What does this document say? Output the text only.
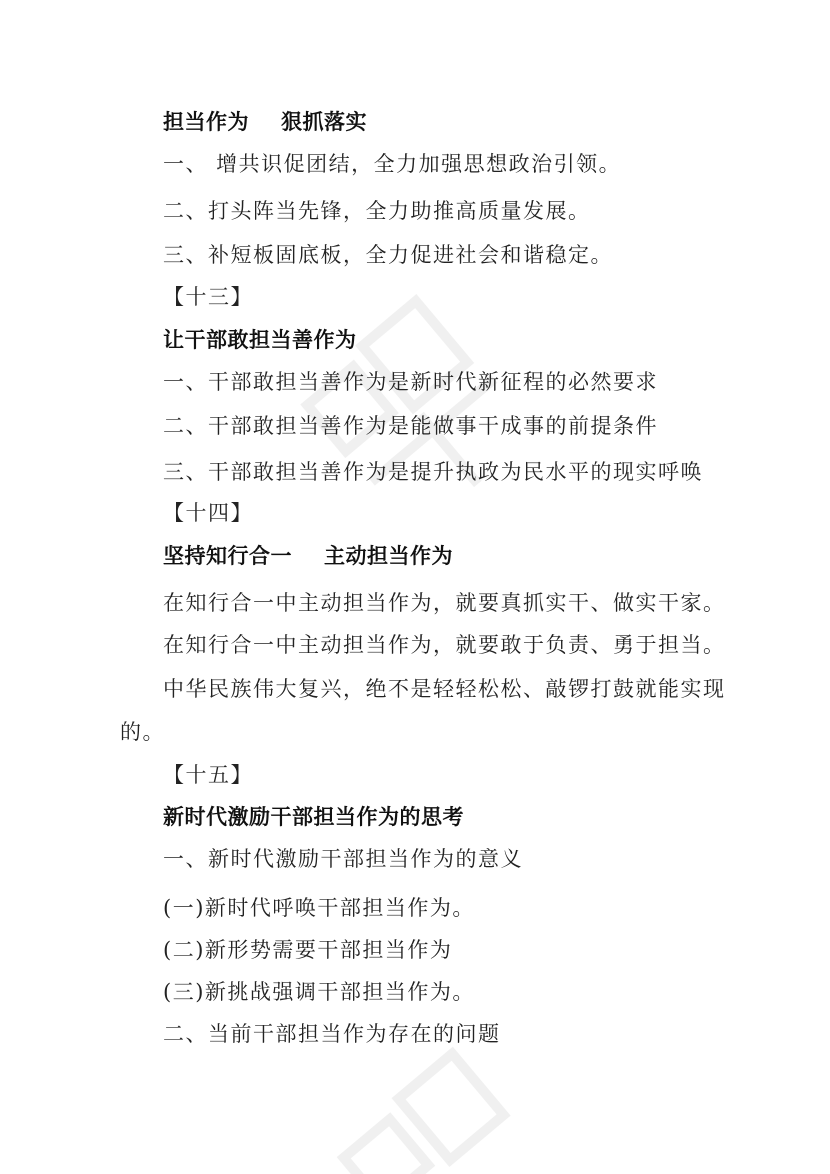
担当作为 狠抓落实
一、 增共识促团结，全力加强思想政治引领。
二、打头阵当先锋，全力助推高质量发展。
三、补短板固底板，全力促进社会和谐稳定。
【十三】
让干部敢担当善作为
一、干部敢担当善作为是新时代新征程的必然要求
二、干部敢担当善作为是能做事干成事的前提条件
三、干部敢担当善作为是提升执政为民水平的现实呼唤
【十四】
坚持知行合一 主动担当作为
在知行合一中主动担当作为，就要真抓实干、做实干家。
在知行合一中主动担当作为，就要敢于负责、勇于担当。
中华民族伟大复兴，绝不是轻轻松松、敲锣打鼓就能实现
的。
【十五】
新时代激励干部担当作为的思考
一、新时代激励干部担当作为的意义
(一)新时代呼唤干部担当作为。
(二)新形势需要干部担当作为
(三)新挑战强调干部担当作为。
二、当前干部担当作为存在的问题
